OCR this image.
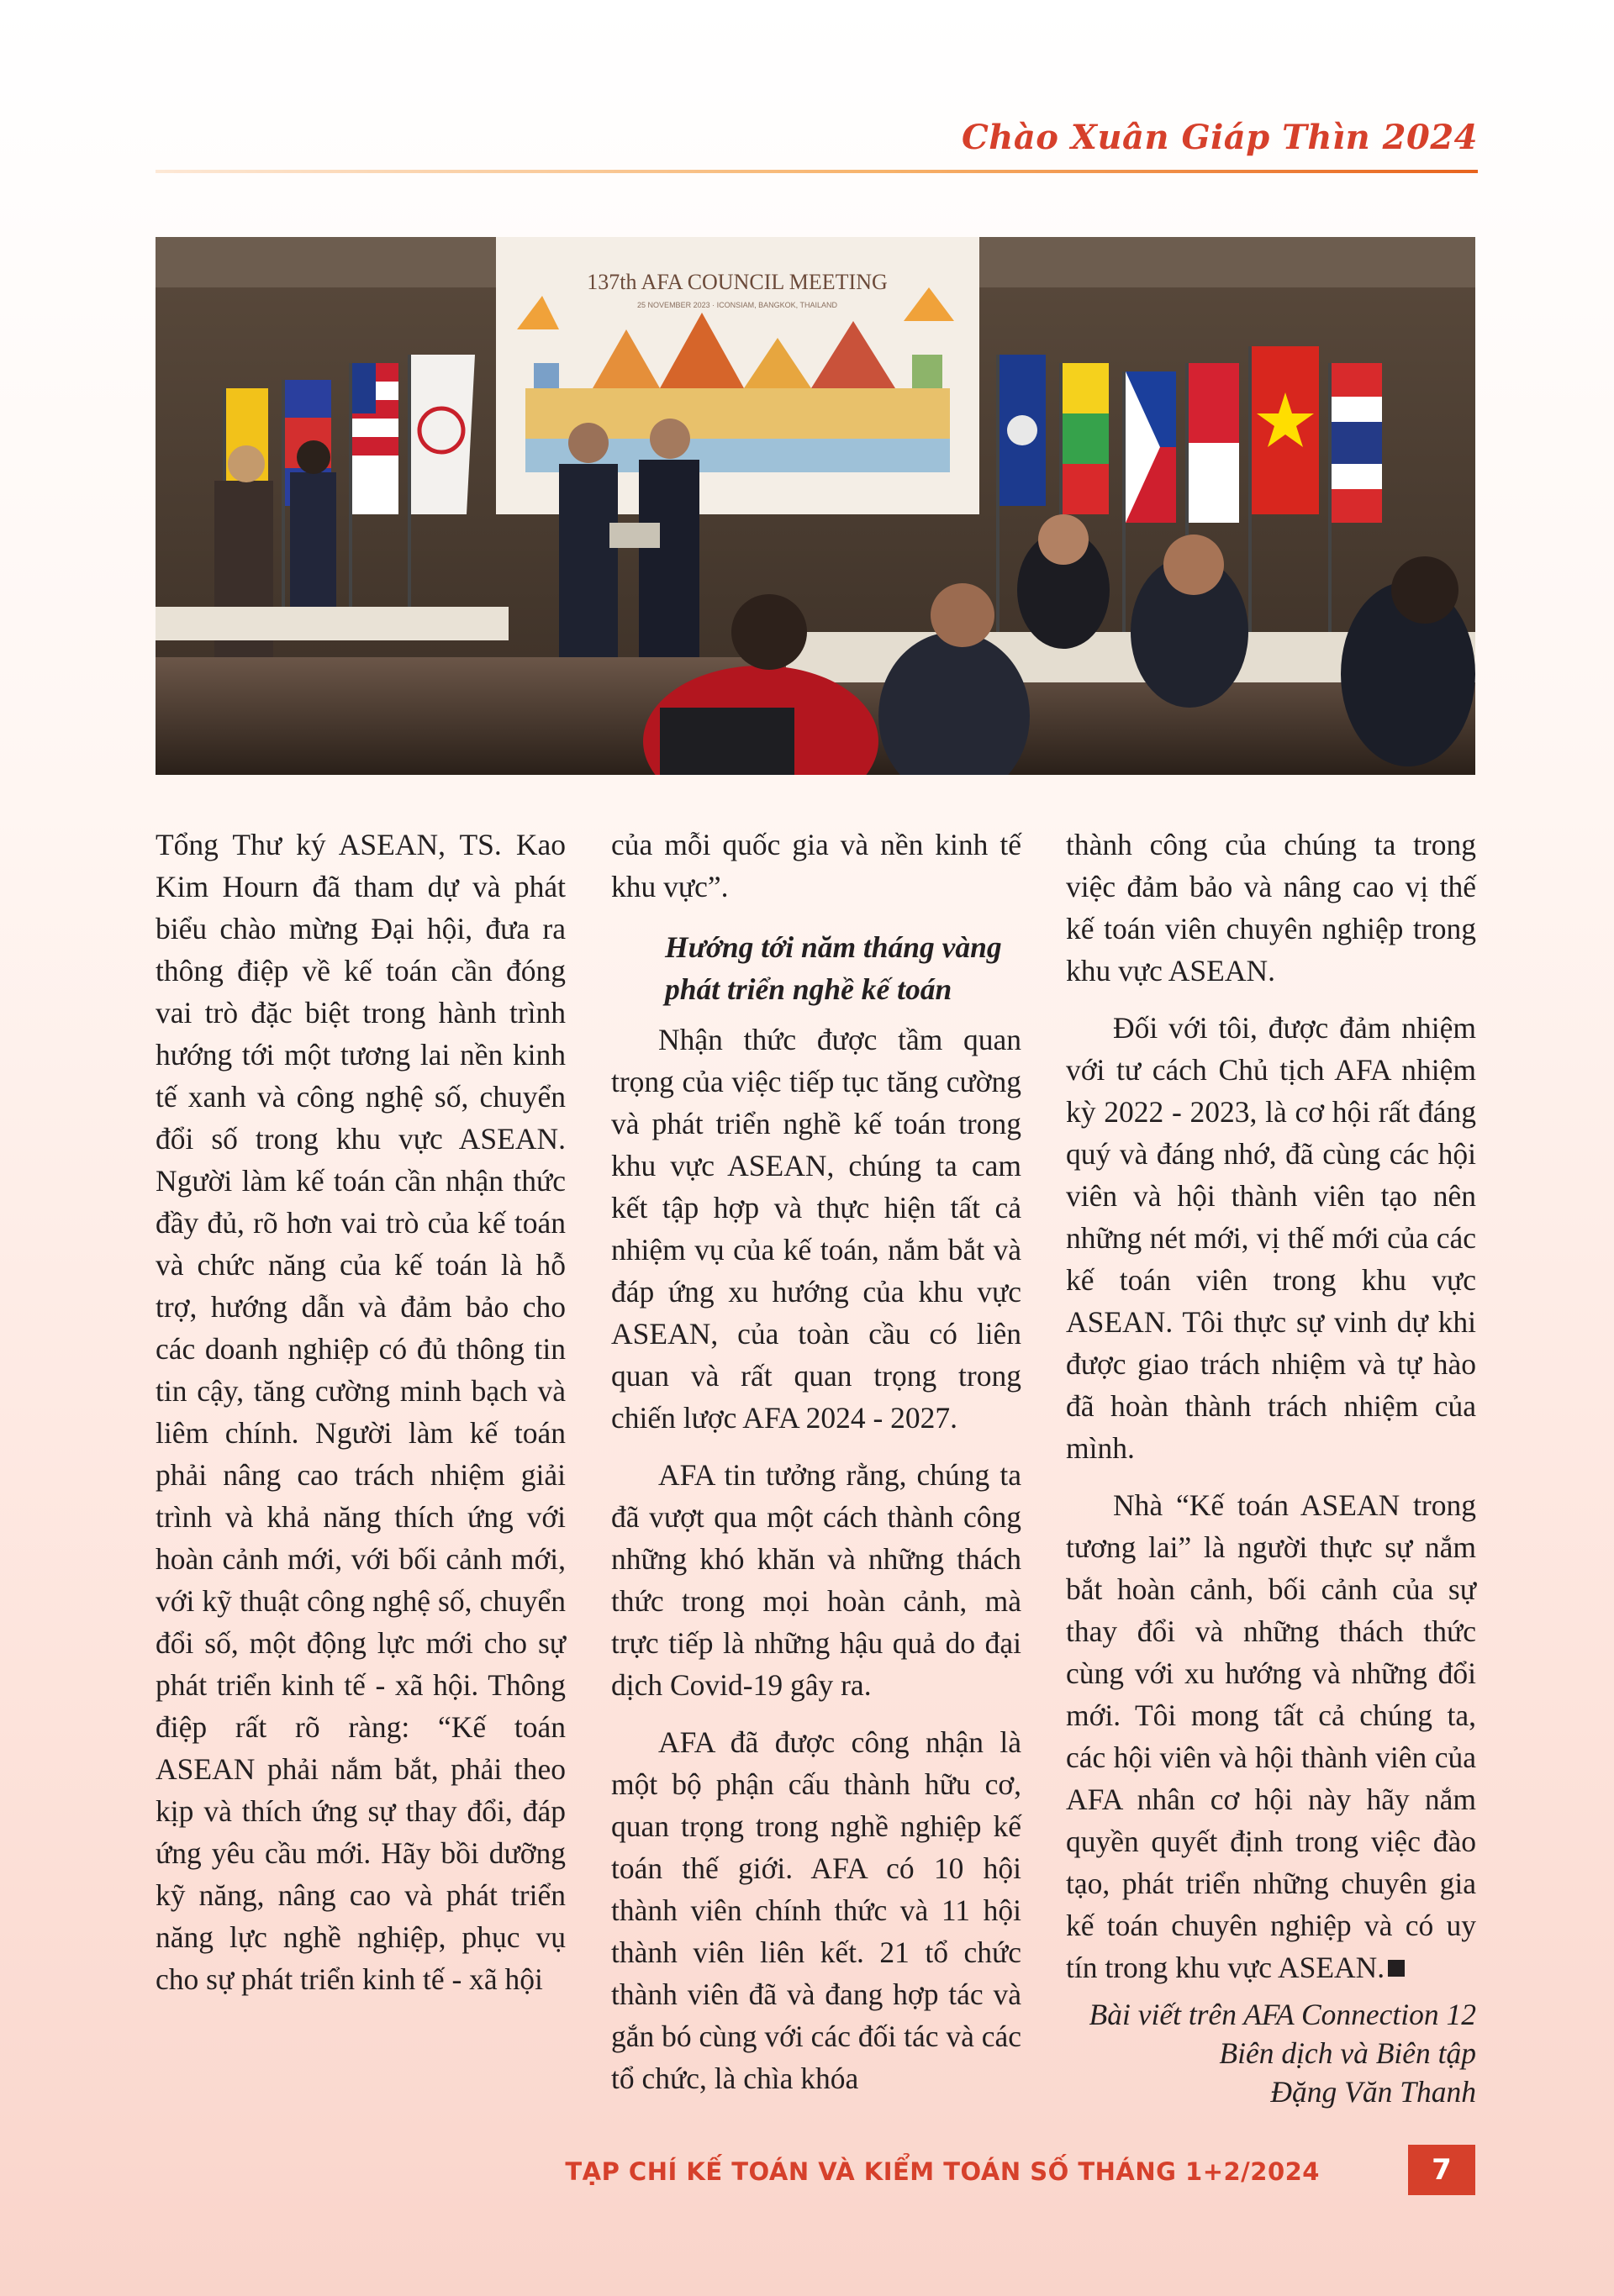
Chào Xuân Giáp Thìn 2024
137th AFA COUNCIL MEETING
25 NOVEMBER 2023 · ICONSIAM, BANGKOK, THAILAND

Tổng Thư ký ASEAN, TS. Kao Kim Hourn đã tham dự và phát biểu chào mừng Đại hội, đưa ra thông điệp về kế toán cần đóng vai trò đặc biệt trong hành trình hướng tới một tương lai nền kinh tế xanh và công nghệ số, chuyển đổi số trong khu vực ASEAN. Người làm kế toán cần nhận thức đầy đủ, rõ hơn vai trò của kế toán và chức năng của kế toán là hỗ trợ, hướng dẫn và đảm bảo cho các doanh nghiệp có đủ thông tin tin cậy, tăng cường minh bạch và liêm chính. Người làm kế toán phải nâng cao trách nhiệm giải trình và khả năng thích ứng với hoàn cảnh mới, với bối cảnh mới, với kỹ thuật công nghệ số, chuyển đổi số, một động lực mới cho sự phát triển kinh tế - xã hội. Thông điệp rất rõ ràng: “Kế toán ASEAN phải nắm bắt, phải theo kịp và thích ứng sự thay đổi, đáp ứng yêu cầu mới. Hãy bồi dưỡng kỹ năng, nâng cao và phát triển năng lực nghề nghiệp, phục vụ cho sự phát triển kinh tế - xã hội

của mỗi quốc gia và nền kinh tế khu vực”.

Hướng tới năm tháng vàng phát triển nghề kế toán

Nhận thức được tầm quan trọng của việc tiếp tục tăng cường và phát triển nghề kế toán trong khu vực ASEAN, chúng ta cam kết tập hợp và thực hiện tất cả nhiệm vụ của kế toán, nắm bắt và đáp ứng xu hướng của khu vực ASEAN, của toàn cầu có liên quan và rất quan trọng trong chiến lược AFA 2024 - 2027.

AFA tin tưởng rằng, chúng ta đã vượt qua một cách thành công những khó khăn và những thách thức trong mọi hoàn cảnh, mà trực tiếp là những hậu quả do đại dịch Covid-19 gây ra.

AFA đã được công nhận là một bộ phận cấu thành hữu cơ, quan trọng trong nghề nghiệp kế toán thế giới. AFA có 10 hội thành viên chính thức và 11 hội thành viên liên kết. 21 tổ chức thành viên đã và đang hợp tác và gắn bó cùng với các đối tác và các tổ chức, là chìa khóa

thành công của chúng ta trong việc đảm bảo và nâng cao vị thế kế toán viên chuyên nghiệp trong khu vực ASEAN.

Đối với tôi, được đảm nhiệm với tư cách Chủ tịch AFA nhiệm kỳ 2022 - 2023, là cơ hội rất đáng quý và đáng nhớ, đã cùng các hội viên và hội thành viên tạo nên những nét mới, vị thế mới của các kế toán viên trong khu vực ASEAN. Tôi thực sự vinh dự khi được giao trách nhiệm và tự hào đã hoàn thành trách nhiệm của mình.

Nhà “Kế toán ASEAN trong tương lai” là người thực sự nắm bắt hoàn cảnh, bối cảnh của sự thay đổi và những thách thức cùng với xu hướng và những đổi mới. Tôi mong tất cả chúng ta, các hội viên và hội thành viên của AFA nhân cơ hội này hãy nắm quyền quyết định trong việc đào tạo, phát triển những chuyên gia kế toán chuyên nghiệp và có uy tín trong khu vực ASEAN.

Bài viết trên AFA Connection 12
Biên dịch và Biên tập
Đặng Văn Thanh
TẠP CHÍ KẾ TOÁN VÀ KIỂM TOÁN SỐ THÁNG 1+2/2024	7
